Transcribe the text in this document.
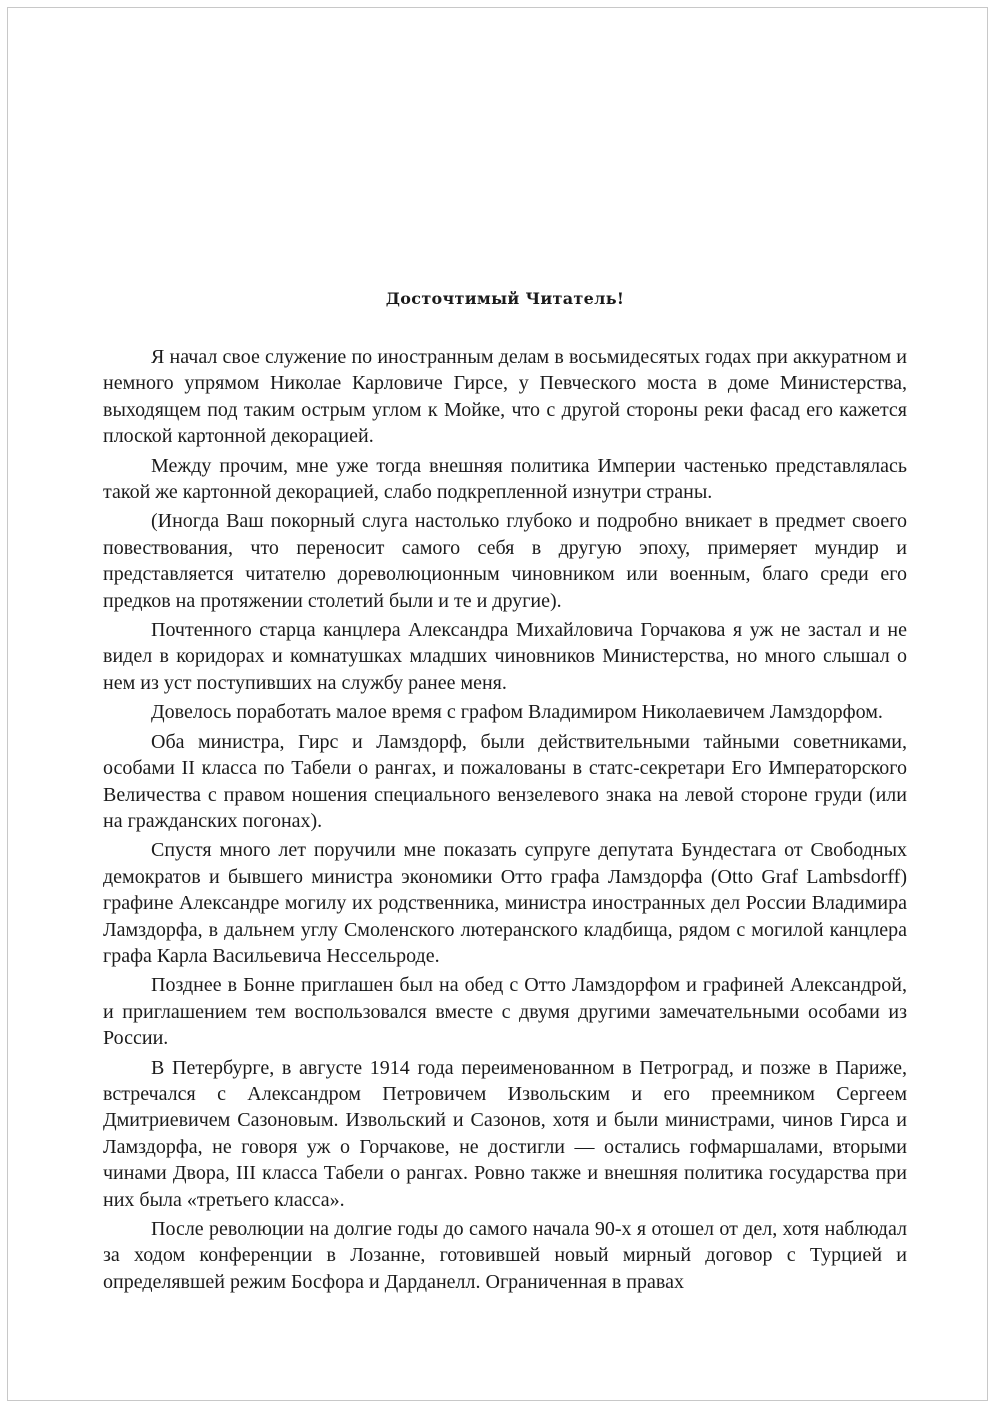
Досточтимый Читатель!

Я начал свое служение по иностранным делам в восьмидесятых годах при аккуратном и немного упрямом Николае Карловиче Гирсе, у Певческого моста в доме Министерства, выходящем под таким острым углом к Мойке, что с другой стороны реки фасад его кажется плоской картонной декорацией.

Между прочим, мне уже тогда внешняя политика Империи частенько представлялась такой же картонной декорацией, слабо подкрепленной изнутри страны.

(Иногда Ваш покорный слуга настолько глубоко и подробно вникает в предмет своего повествования, что переносит самого себя в другую эпоху, примеряет мундир и представляется читателю дореволюционным чиновником или военным, благо среди его предков на протяжении столетий были и те и другие).

Почтенного старца канцлера Александра Михайловича Горчакова я уж не застал и не видел в коридорах и комнатушках младших чиновников Министерства, но много слышал о нем из уст поступивших на службу ранее меня.

Довелось поработать малое время с графом Владимиром Николаевичем Ламздорфом.

Оба министра, Гирс и Ламздорф, были действительными тайными советниками, особами II класса по Табели о рангах, и пожалованы в статс-секретари Его Императорского Величества с правом ношения специального вензелевого знака на левой стороне груди (или на гражданских погонах).

Спустя много лет поручили мне показать супруге депутата Бундестага от Свободных демократов и бывшего министра экономики Отто графа Ламздорфа (Otto Graf Lambsdorff) графине Александре могилу их родственника, министра иностранных дел России Владимира Ламздорфа, в дальнем углу Смоленского лютеранского кладбища, рядом с могилой канцлера графа Карла Васильевича Нессельроде.

Позднее в Бонне приглашен был на обед с Отто Ламздорфом и графиней Александрой, и приглашением тем воспользовался вместе с двумя другими замечательными особами из России.

В Петербурге, в августе 1914 года переименованном в Петроград, и позже в Париже, встречался с Александром Петровичем Извольским и его преемником Сергеем Дмитриевичем Сазоновым. Извольский и Сазонов, хотя и были министрами, чинов Гирса и Ламздорфа, не говоря уж о Горчакове, не достигли — остались гофмаршалами, вторыми чинами Двора, III класса Табели о рангах. Ровно также и внешняя политика государства при них была «третьего класса».

После революции на долгие годы до самого начала 90-х я отошел от дел, хотя наблюдал за ходом конференции в Лозанне, готовившей новый мирный договор с Турцией и определявшей режим Босфора и Дарданелл. Ограниченная в правах
